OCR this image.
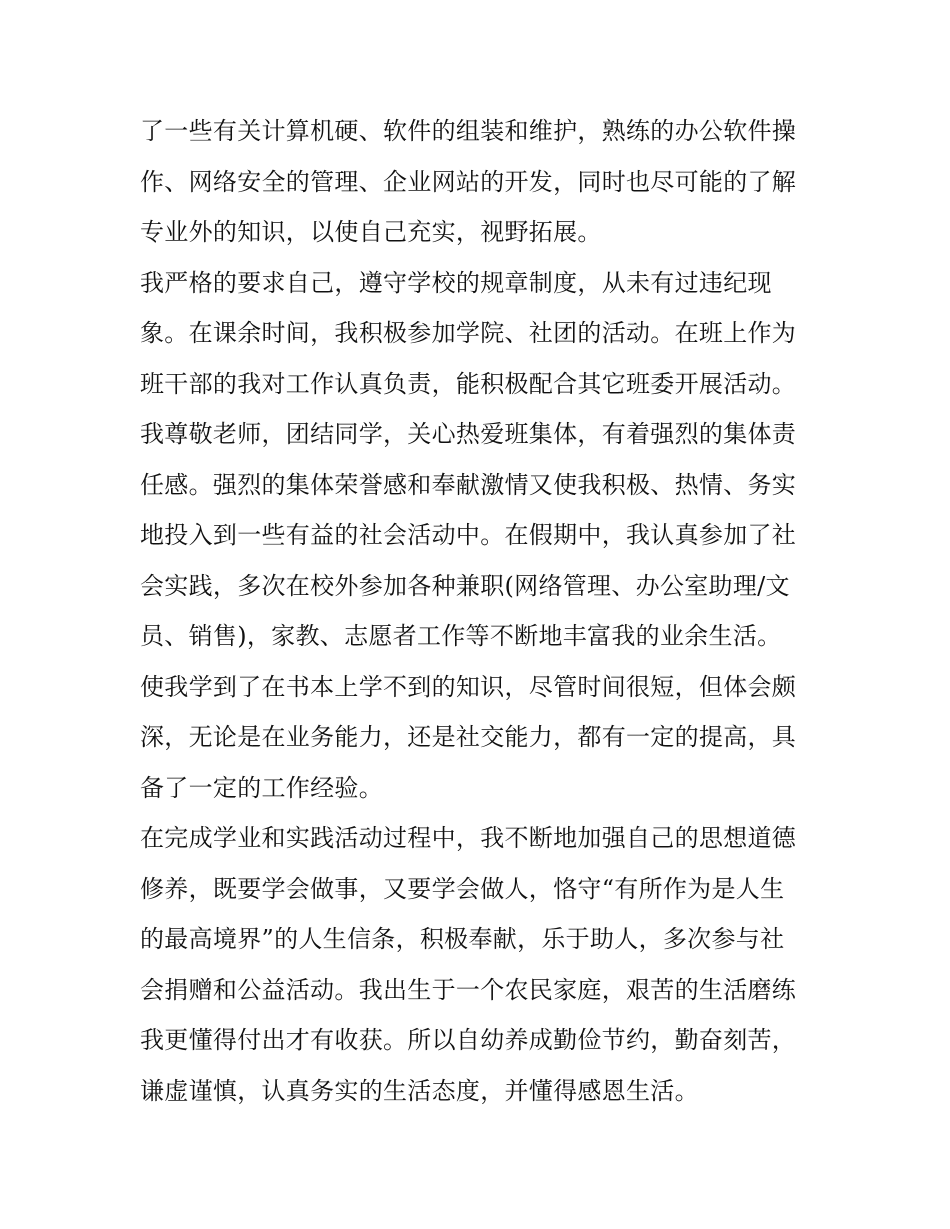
了一些有关计算机硬、软件的组装和维护，熟练的办公软件操
作、网络安全的管理、企业网站的开发，同时也尽可能的了解
专业外的知识，以使自己充实，视野拓展。
我严格的要求自己，遵守学校的规章制度，从未有过违纪现
象。在课余时间，我积极参加学院、社团的活动。在班上作为
班干部的我对工作认真负责，能积极配合其它班委开展活动。
我尊敬老师，团结同学，关心热爱班集体，有着强烈的集体责
任感。强烈的集体荣誉感和奉献激情又使我积极、热情、务实
地投入到一些有益的社会活动中。在假期中，我认真参加了社
会实践，多次在校外参加各种兼职(网络管理、办公室助理/文
员、销售)，家教、志愿者工作等不断地丰富我的业余生活。
使我学到了在书本上学不到的知识，尽管时间很短，但体会颇
深，无论是在业务能力，还是社交能力，都有一定的提高，具
备了一定的工作经验。
在完成学业和实践活动过程中，我不断地加强自己的思想道德
修养，既要学会做事，又要学会做人，恪守“有所作为是人生
的最高境界”的人生信条，积极奉献，乐于助人，多次参与社
会捐赠和公益活动。我出生于一个农民家庭，艰苦的生活磨练
我更懂得付出才有收获。所以自幼养成勤俭节约，勤奋刻苦，
谦虚谨慎，认真务实的生活态度，并懂得感恩生活。
